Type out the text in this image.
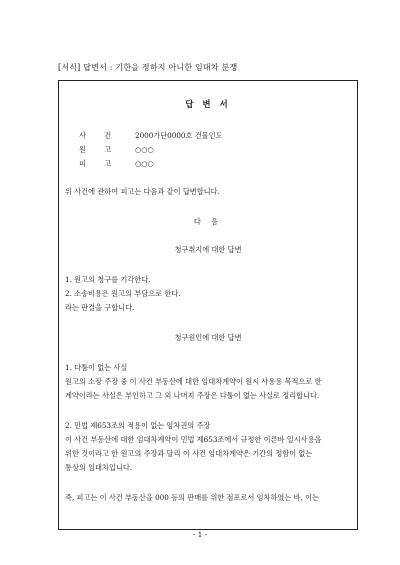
[서식] 답변서 : 기한을 정하지 아니한 임대차 분쟁
답 변 서
사 건 2000가단0000호 건물인도
원 고 ○○○
피 고 ○○○
위 사건에 관하여 피고는 다음과 같이 답변합니다.
다 음
청구취지에 대한 답변
1. 원고의 청구를 기각한다.
2. 소송비용은 원고의 부담으로 한다.
라는 판결을 구합니다.
청구원인에 대한 답변
1. 다툼이 없는 사실
원고의 소장 주장 중 이 사건 부동산에 대한 임대차계약이 원시 사용용 목적으로 한
계약이라는 사실은 부인하고 그 외 나머지 주장은 다툼이 없는 사실로 정리합니다.
2. 민법 제653조의 적용이 없는 임차권의 주장
이 사건 부동산에 대한 임대차계약이 민법 제653조에서 규정한 이른바 일시사용을
위한 것이라고 한 원고의 주장과 달리 이 사건 임대차계약은 기간의 정함이 없는
통상의 임대차입니다.
즉, 피고는 이 사건 부동산을 000 등의 판매를 위한 점포로서 임차하였는 바, 이는
- 1 -
